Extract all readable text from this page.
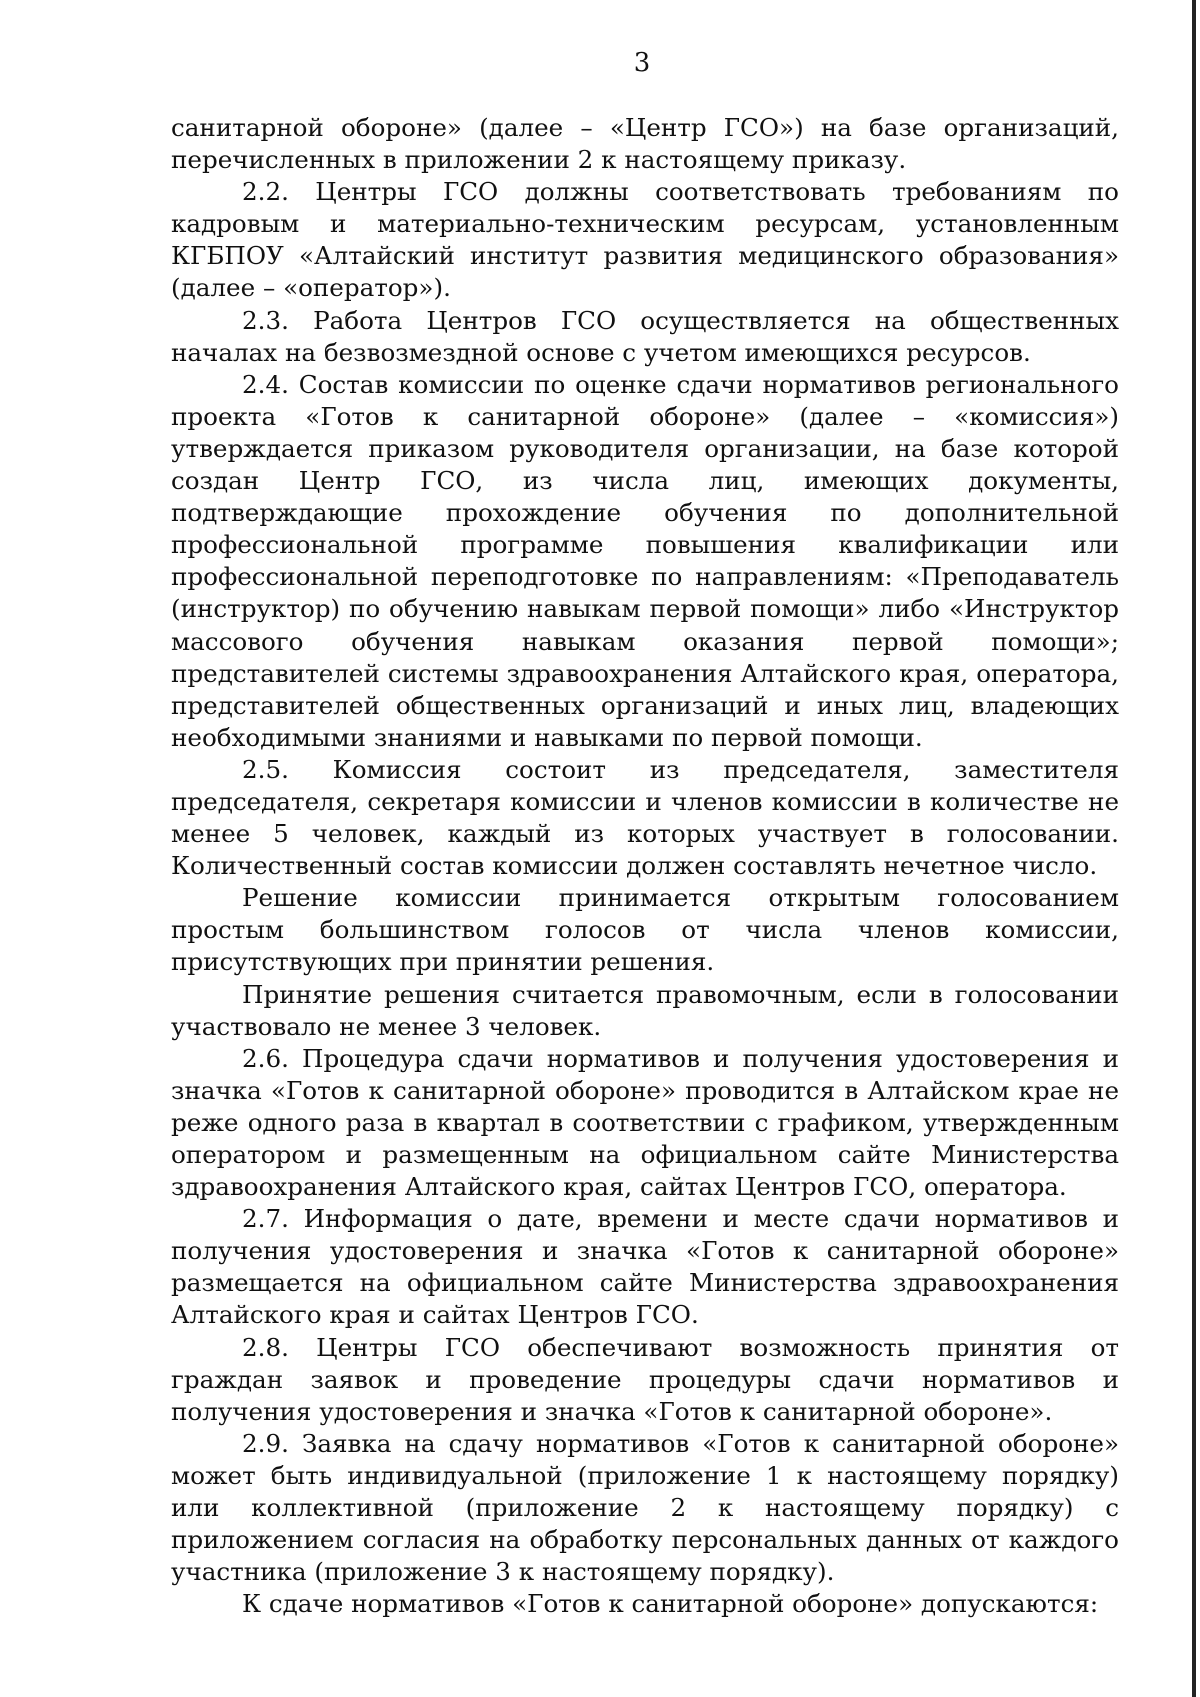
3

санитарной обороне» (далее – «Центр ГСО») на базе организаций, перечисленных в приложении 2 к настоящему приказу.

2.2. Центры ГСО должны соответствовать требованиям по кадровым и материально-техническим ресурсам, установленным КГБПОУ «Алтайский институт развития медицинского образования» (далее – «оператор»).

2.3. Работа Центров ГСО осуществляется на общественных началах на безвозмездной основе с учетом имеющихся ресурсов.

2.4. Состав комиссии по оценке сдачи нормативов регионального проекта «Готов к санитарной обороне» (далее – «комиссия») утверждается приказом руководителя организации, на базе которой создан Центр ГСО, из числа лиц, имеющих документы, подтверждающие прохождение обучения по дополнительной профессиональной программе повышения квалификации или профессиональной переподготовке по направлениям: «Преподаватель (инструктор) по обучению навыкам первой помощи» либо «Инструктор массового обучения навыкам оказания первой помощи»; представителей системы здравоохранения Алтайского края, оператора, представителей общественных организаций и иных лиц, владеющих необходимыми знаниями и навыками по первой помощи.

2.5. Комиссия состоит из председателя, заместителя председателя, секретаря комиссии и членов комиссии в количестве не менее 5 человек, каждый из которых участвует в голосовании. Количественный состав комиссии должен составлять нечетное число.

Решение комиссии принимается открытым голосованием простым большинством голосов от числа членов комиссии, присутствующих при принятии решения.

Принятие решения считается правомочным, если в голосовании участвовало не менее 3 человек.

2.6. Процедура сдачи нормативов и получения удостоверения и значка «Готов к санитарной обороне» проводится в Алтайском крае не реже одного раза в квартал в соответствии с графиком, утвержденным оператором и размещенным на официальном сайте Министерства здравоохранения Алтайского края, сайтах Центров ГСО, оператора.

2.7. Информация о дате, времени и месте сдачи нормативов и получения удостоверения и значка «Готов к санитарной обороне» размещается на официальном сайте Министерства здравоохранения Алтайского края и сайтах Центров ГСО.

2.8. Центры ГСО обеспечивают возможность принятия от граждан заявок и проведение процедуры сдачи нормативов и получения удостоверения и значка «Готов к санитарной обороне».

2.9. Заявка на сдачу нормативов «Готов к санитарной обороне» может быть индивидуальной (приложение 1 к настоящему порядку) или коллективной (приложение 2 к настоящему порядку) с приложением согласия на обработку персональных данных от каждого участника (приложение 3 к настоящему порядку).

К сдаче нормативов «Готов к санитарной обороне» допускаются:
